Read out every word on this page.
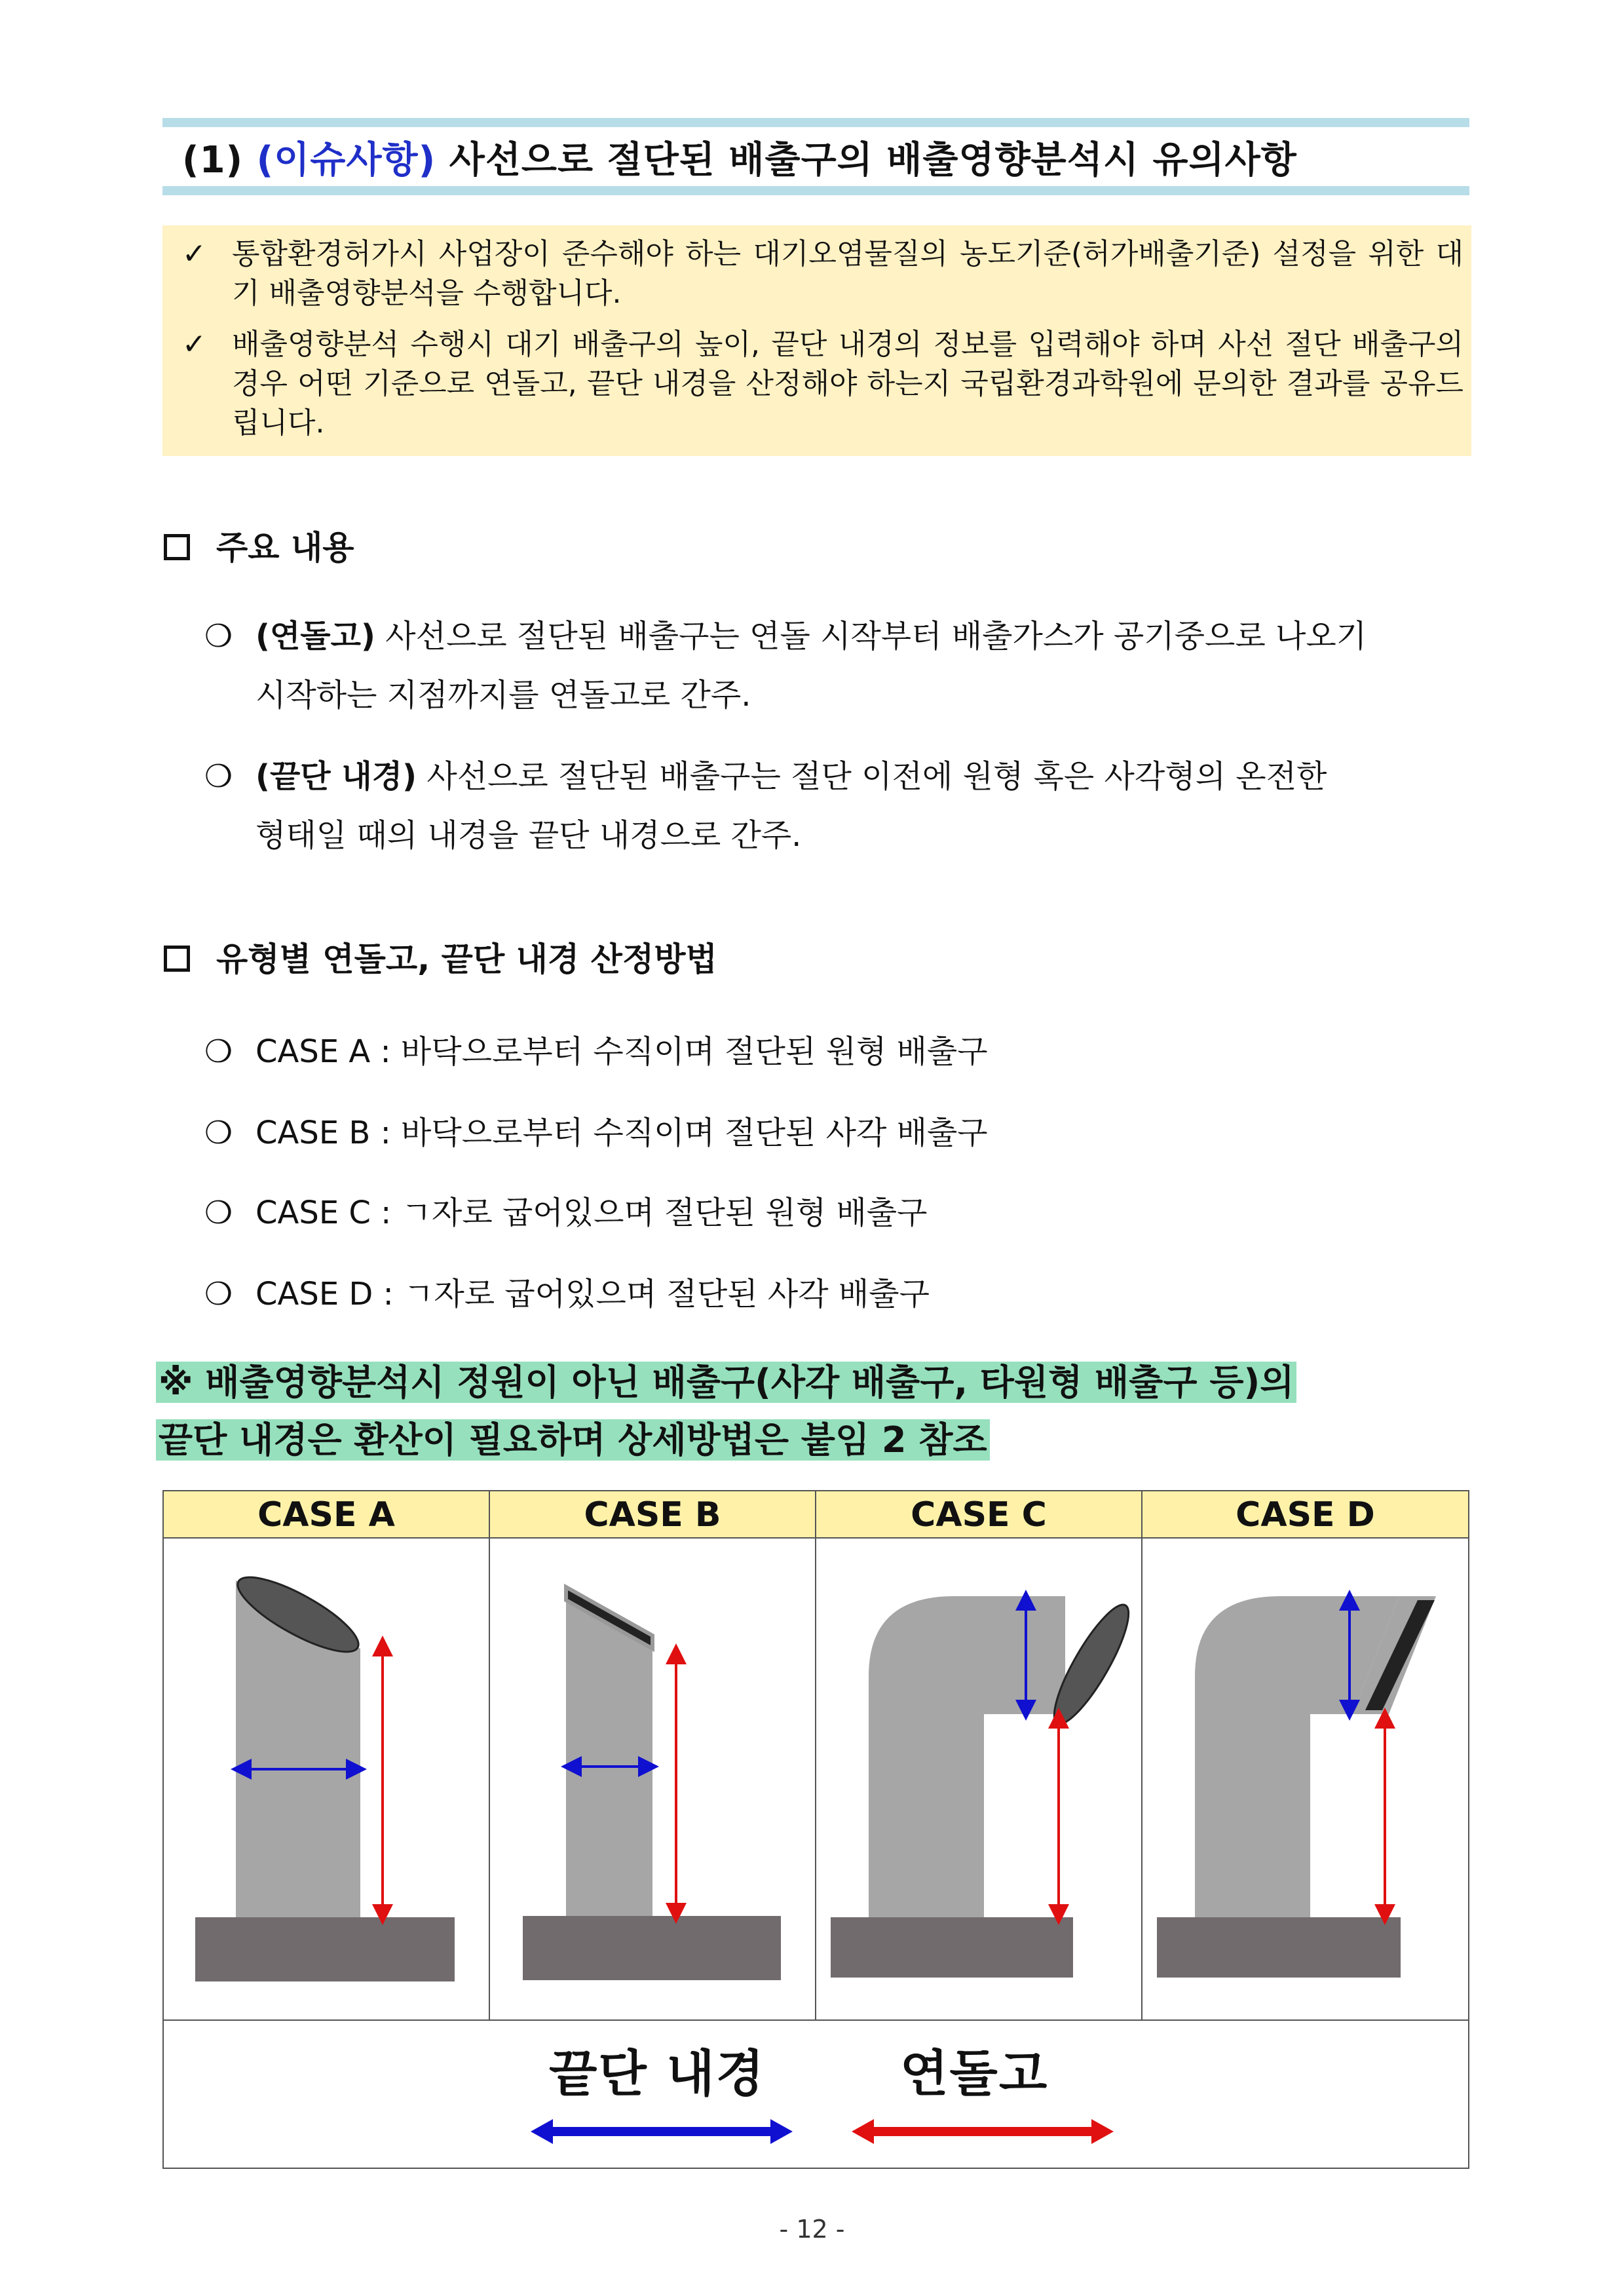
(1) (이슈사항) 사선으로 절단된 배출구의 배출영향분석시 유의사항
✓ 통합환경허가시 사업장이 준수해야 하는 대기오염물질의 농도기준(허가배출기준) 설정을 위한 대기 배출영향분석을 수행합니다.
✓ 배출영향분석 수행시 대기 배출구의 높이, 끝단 내경의 정보를 입력해야 하며 사선 절단 배출구의 경우 어떤 기준으로 연돌고, 끝단 내경을 산정해야 하는지 국립환경과학원에 문의한 결과를 공유드립니다.
주요 내용
❍ (연돌고) 사선으로 절단된 배출구는 연돌 시작부터 배출가스가 공기중으로 나오기
시작하는 지점까지를 연돌고로 간주.
❍ (끝단 내경) 사선으로 절단된 배출구는 절단 이전에 원형 혹은 사각형의 온전한
형태일 때의 내경을 끝단 내경으로 간주.
유형별 연돌고, 끝단 내경 산정방법
❍ CASE A : 바닥으로부터 수직이며 절단된 원형 배출구
❍ CASE B : 바닥으로부터 수직이며 절단된 사각 배출구
❍ CASE C : ㄱ자로 굽어있으며 절단된 원형 배출구
❍ CASE D : ㄱ자로 굽어있으며 절단된 사각 배출구
※ 배출영향분석시 정원이 아닌 배출구(사각 배출구, 타원형 배출구 등)의
끝단 내경은 환산이 필요하며 상세방법은 붙임 2 참조
CASE A	CASE B	CASE C	CASE D
끝단 내경	연돌고
- 12 -
